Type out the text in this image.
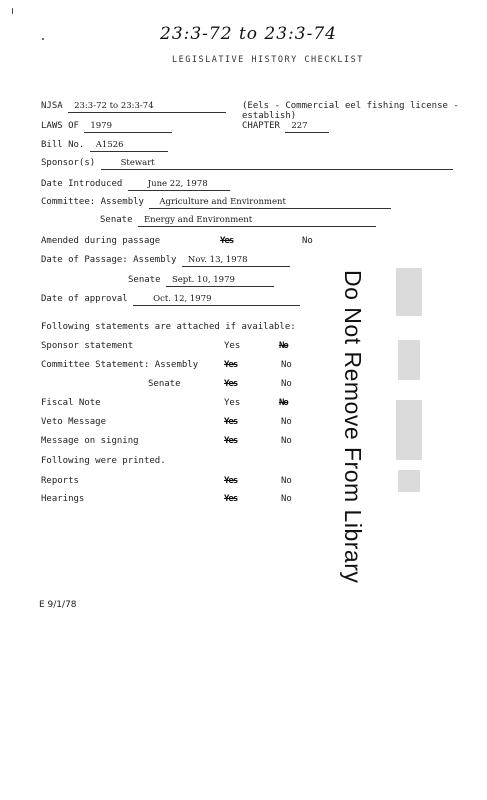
23:3-72 to 23:3-74
LEGISLATIVE HISTORY CHECKLIST
NJSA 23:3-72 to 23:3-74	(Eels - Commercial eel fishing license -
establish)
LAWS OF 1979	CHAPTER 227
Bill No. A1526
Sponsor(s)	Stewart
Date Introduced	June 22, 1978
Committee: Assembly Agriculture and Environment
Senate Energy and Environment
Amended during passage	Yes	No
Date of Passage: Assembly Nov. 13, 1978
Senate Sept. 10, 1979
Date of approval	Oct. 12, 1979
Following statements are attached if available:
Sponsor statement	Yes	No
Committee Statement: Assembly	Yes	No
Senate	Yes	No
Fiscal Note	Yes	No
Veto Message	Yes	No
Message on signing	Yes	No
Following were printed.
Reports	Yes	No
Hearings	Yes	No
E 9/1/78
Do Not Remove From Library
